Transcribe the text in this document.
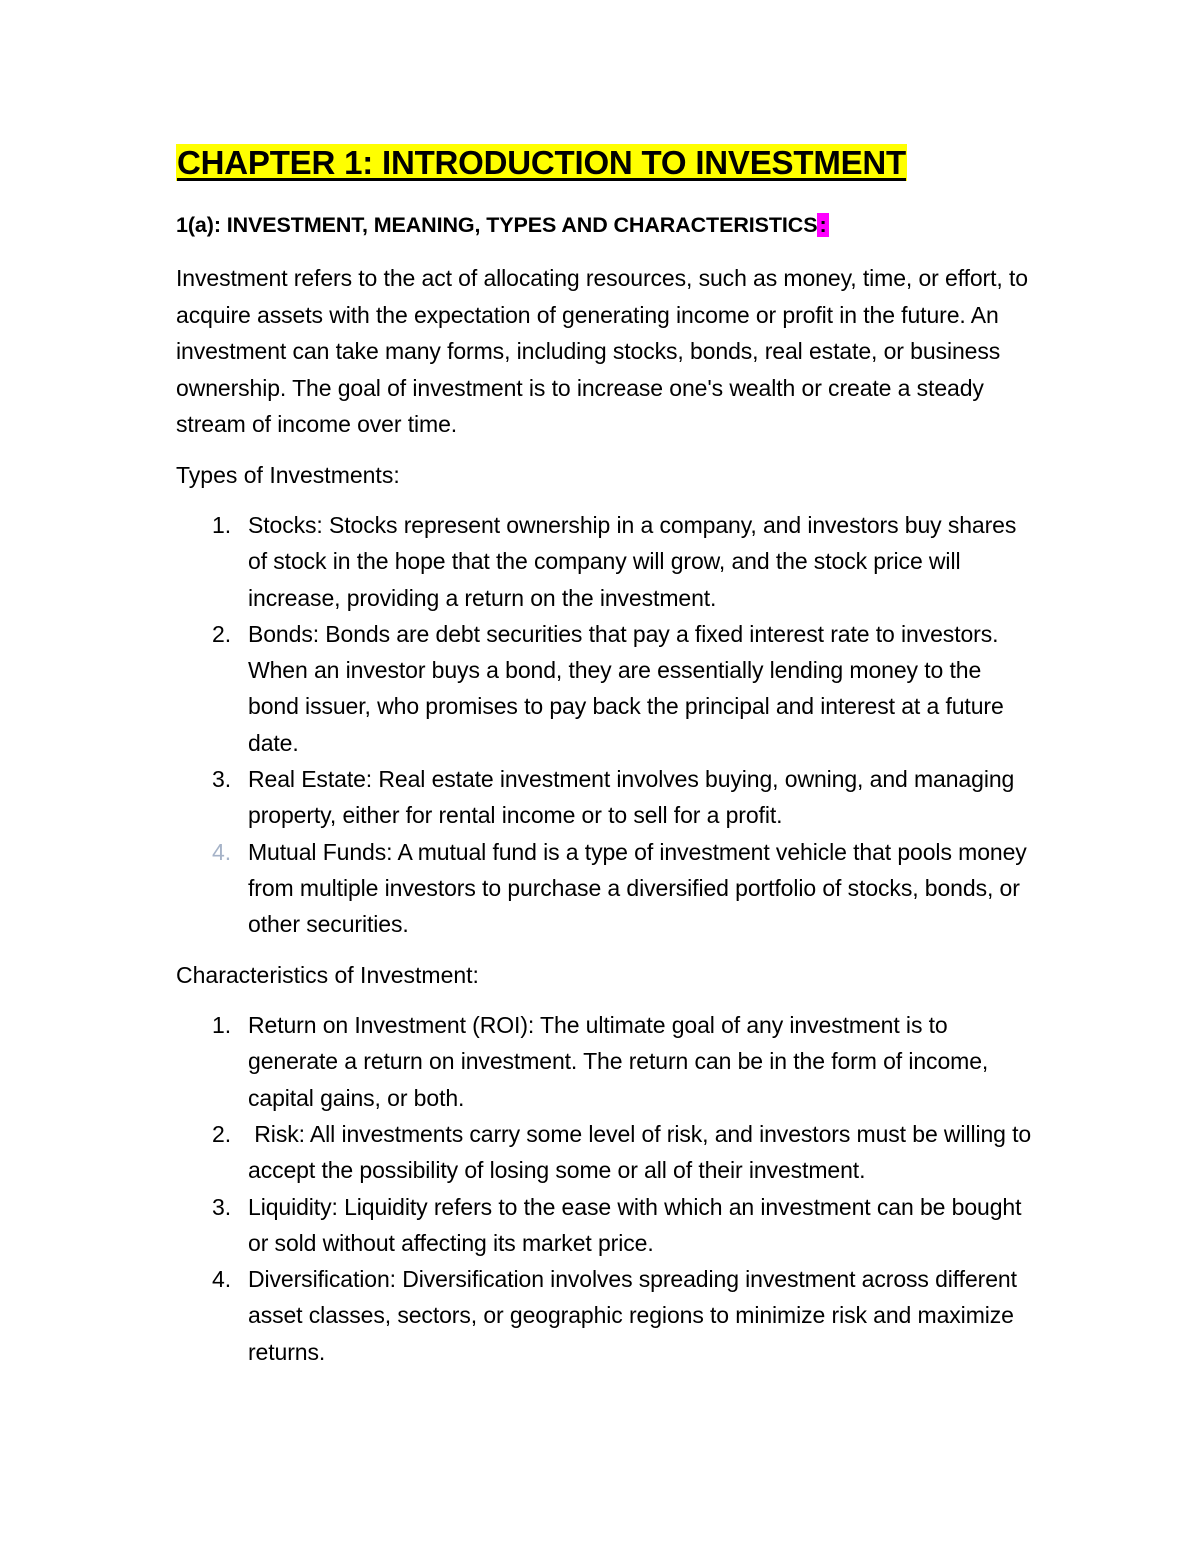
CHAPTER 1: INTRODUCTION TO INVESTMENT
1(a): INVESTMENT, MEANING, TYPES AND CHARACTERISTICS:

Investment refers to the act of allocating resources, such as money, time, or effort, to acquire assets with the expectation of generating income or profit in the future. An investment can take many forms, including stocks, bonds, real estate, or business ownership. The goal of investment is to increase one's wealth or create a steady stream of income over time.

Types of Investments:

1. Stocks: Stocks represent ownership in a company, and investors buy shares of stock in the hope that the company will grow, and the stock price will increase, providing a return on the investment.
2. Bonds: Bonds are debt securities that pay a fixed interest rate to investors. When an investor buys a bond, they are essentially lending money to the bond issuer, who promises to pay back the principal and interest at a future date.
3. Real Estate: Real estate investment involves buying, owning, and managing property, either for rental income or to sell for a profit.
4. Mutual Funds: A mutual fund is a type of investment vehicle that pools money from multiple investors to purchase a diversified portfolio of stocks, bonds, or other securities.

Characteristics of Investment:

1. Return on Investment (ROI): The ultimate goal of any investment is to generate a return on investment. The return can be in the form of income, capital gains, or both.
2. Risk: All investments carry some level of risk, and investors must be willing to accept the possibility of losing some or all of their investment.
3. Liquidity: Liquidity refers to the ease with which an investment can be bought or sold without affecting its market price.
4. Diversification: Diversification involves spreading investment across different asset classes, sectors, or geographic regions to minimize risk and maximize returns.
